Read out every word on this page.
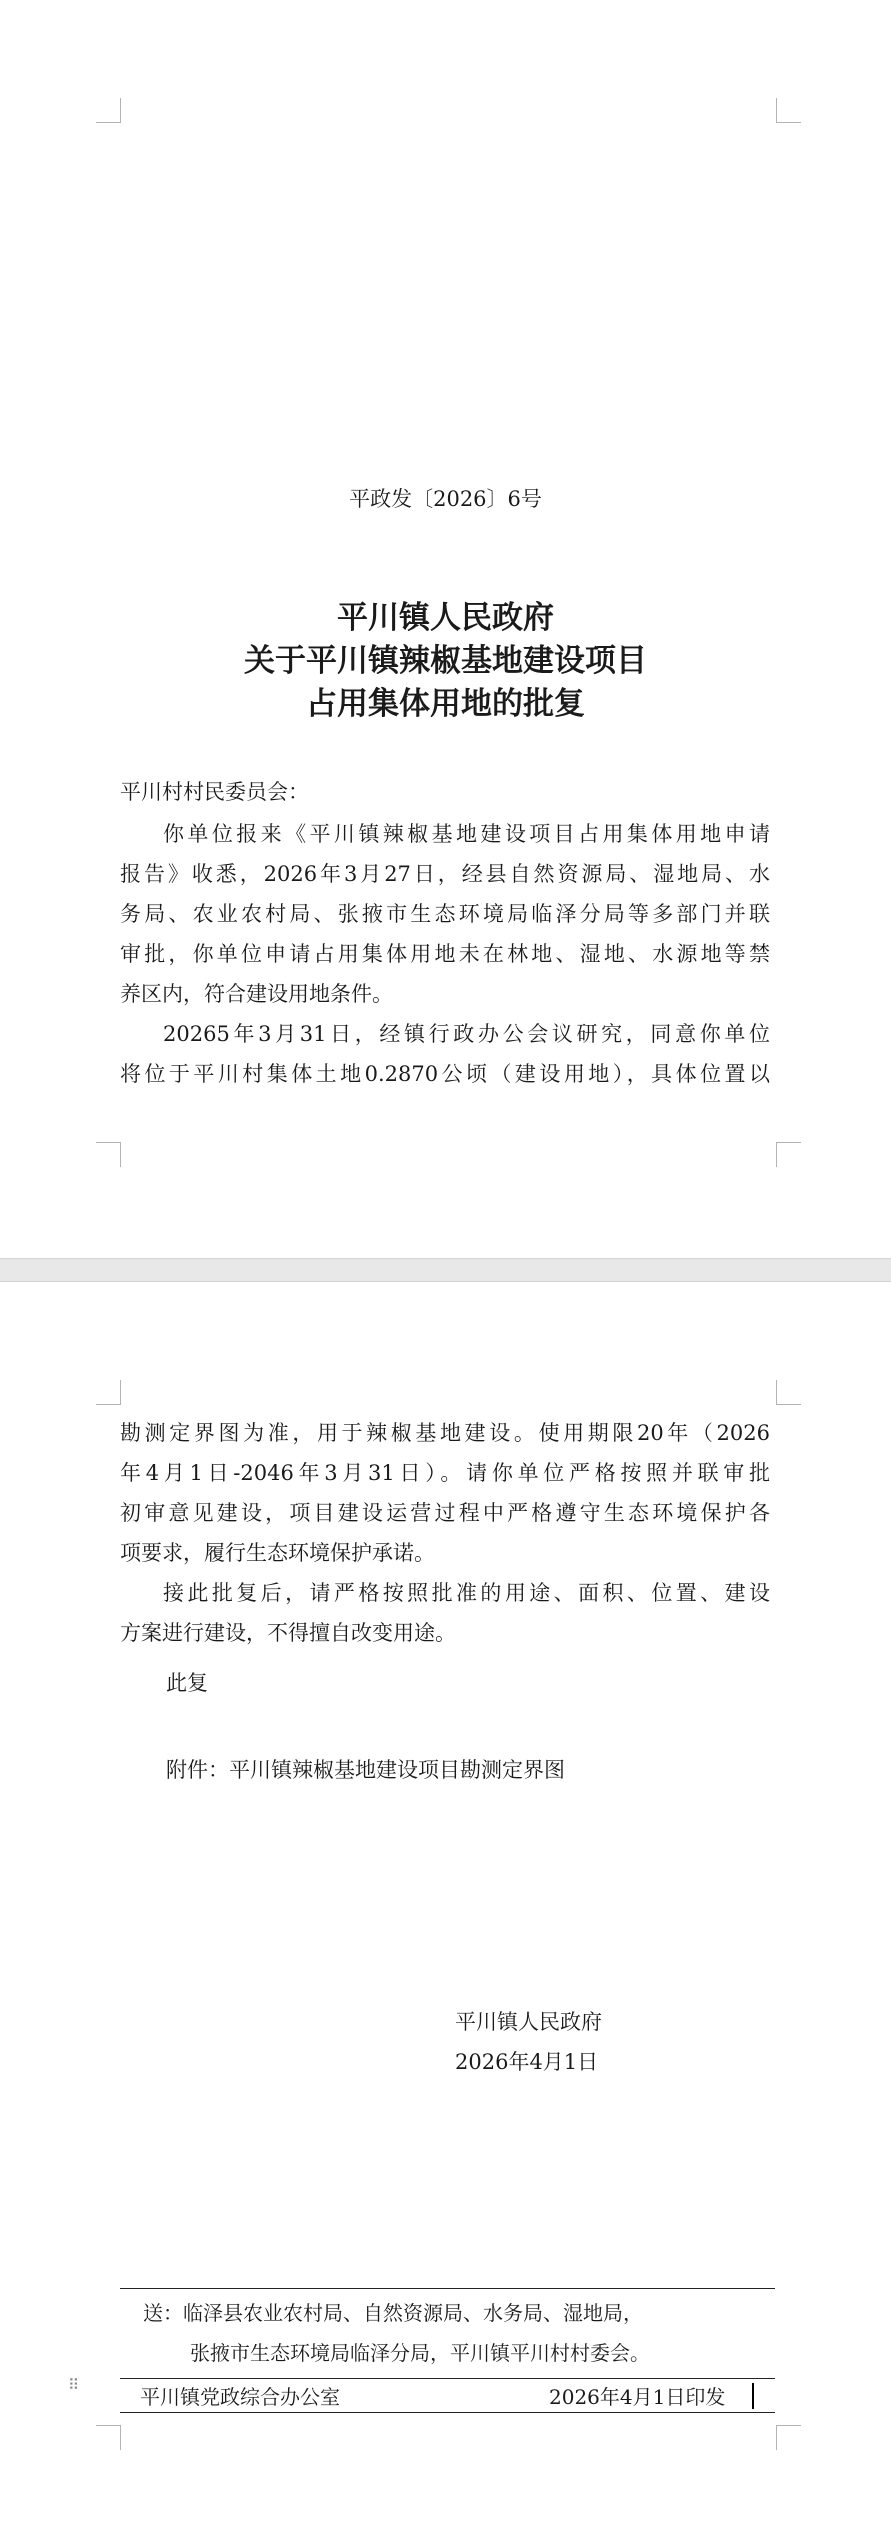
平政发〔2026〕6号
平川镇人民政府
关于平川镇辣椒基地建设项目
占用集体用地的批复
平川村村民委员会：
你单位报来《平川镇辣椒基地建设项目占用集体用地申请
报告》收悉，2026年3月27日，经县自然资源局、湿地局、水
务局、农业农村局、张掖市生态环境局临泽分局等多部门并联
审批，你单位申请占用集体用地未在林地、湿地、水源地等禁
养区内，符合建设用地条件。
20265年3月31日，经镇行政办公会议研究，同意你单位
将位于平川村集体土地0.2870公顷（建设用地），具体位置以
勘测定界图为准，用于辣椒基地建设。使用期限20年（2026
年4月1日-2046年3月31日）。请你单位严格按照并联审批
初审意见建设，项目建设运营过程中严格遵守生态环境保护各
项要求，履行生态环境保护承诺。
接此批复后，请严格按照批准的用途、面积、位置、建设
方案进行建设，不得擅自改变用途。
此复
附件：平川镇辣椒基地建设项目勘测定界图
平川镇人民政府
2026年4月1日
送：临泽县农业农村局、自然资源局、水务局、湿地局，
张掖市生态环境局临泽分局，平川镇平川村村委会。
⠿	平川镇党政综合办公室	2026年4月1日印发
